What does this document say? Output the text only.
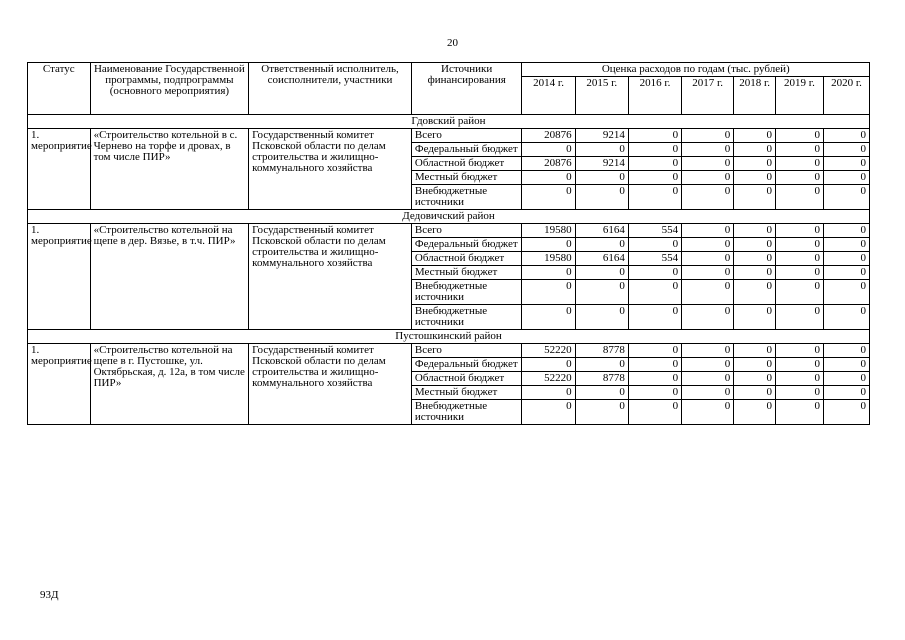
20
Статус	Наименование Государственной программы, подпрограммы (основного мероприятия)	Ответственный исполнитель, соисполнители, участники	Источники финансирования	Оценка расходов по годам (тыс. рублей)						
				2014 г.	2015 г.	2016 г.	2017 г.	2018 г.	2019 г.	2020 г.
Гдовский район										
1. мероприятие	«Строительство котельной в с. Чернево на торфе и дровах, в том числе ПИР»	Государственный комитет Псковской области по делам строительства и жилищно-коммунального хозяйства	Всего	20876	9214	0	0	0	0	0
			Федеральный бюджет	0	0	0	0	0	0	0
			Областной бюджет	20876	9214	0	0	0	0	0
			Местный бюджет	0	0	0	0	0	0	0
			Внебюджетные источники	0	0	0	0	0	0	0
Дедовичский район										
1. мероприятие	«Строительство котельной на щепе в дер. Вязье, в т.ч. ПИР»	Государственный комитет Псковской области по делам строительства и жилищно-коммунального хозяйства	Всего	19580	6164	554	0	0	0	0
			Федеральный бюджет	0	0	0	0	0	0	0
			Областной бюджет	19580	6164	554	0	0	0	0
			Местный бюджет	0	0	0	0	0	0	0
			Внебюджетные источники	0	0	0	0	0	0	0
			Внебюджетные источники	0	0	0	0	0	0	0
Пустошкинский район										
1. мероприятие	«Строительство котельной на щепе в г. Пустошке, ул. Октябрьская, д. 12а, в том числе ПИР»	Государственный комитет Псковской области по делам строительства и жилищно-коммунального хозяйства	Всего	52220	8778	0	0	0	0	0
			Федеральный бюджет	0	0	0	0	0	0	0
			Областной бюджет	52220	8778	0	0	0	0	0
			Местный бюджет	0	0	0	0	0	0	0
			Внебюджетные источники	0	0	0	0	0	0	0
93Д
